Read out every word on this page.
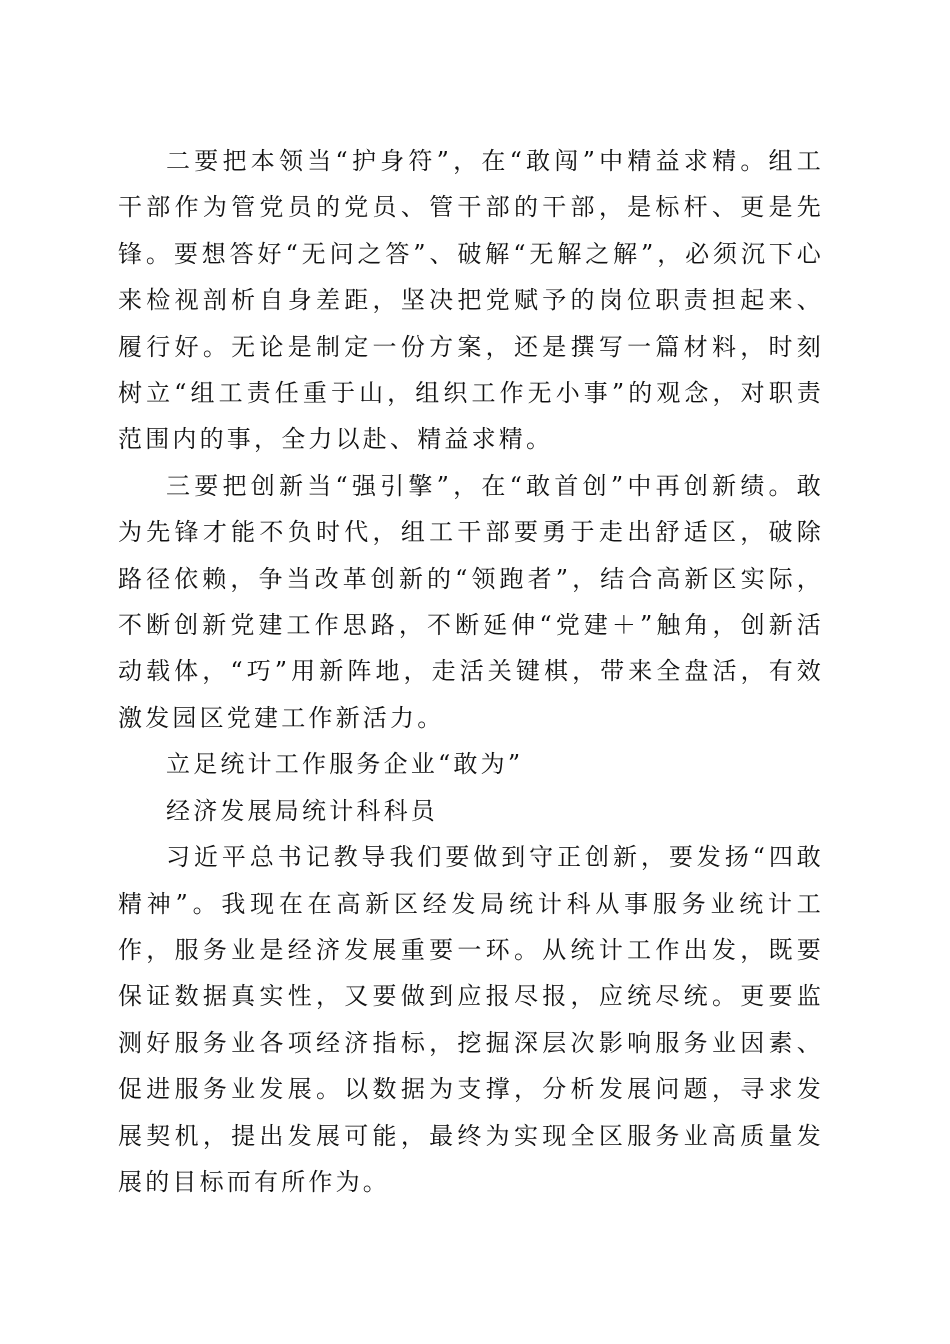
二要把本领当“护身符”，在“敢闯”中精益求精。组工干部作为管党员的党员、管干部的干部，是标杆、更是先锋。要想答好“无问之答”、破解“无解之解”，必须沉下心来检视剖析自身差距，坚决把党赋予的岗位职责担起来、履行好。无论是制定一份方案，还是撰写一篇材料，时刻树立“组工责任重于山，组织工作无小事”的观念，对职责范围内的事，全力以赴、精益求精。

三要把创新当“强引擎”，在“敢首创”中再创新绩。敢为先锋才能不负时代，组工干部要勇于走出舒适区，破除路径依赖，争当改革创新的“领跑者”，结合高新区实际，不断创新党建工作思路，不断延伸“党建＋”触角，创新活动载体，“巧”用新阵地，走活关键棋，带来全盘活，有效激发园区党建工作新活力。

立足统计工作服务企业“敢为”

经济发展局统计科科员

习近平总书记教导我们要做到守正创新，要发扬“四敢精神”。我现在在高新区经发局统计科从事服务业统计工作，服务业是经济发展重要一环。从统计工作出发，既要保证数据真实性，又要做到应报尽报，应统尽统。更要监测好服务业各项经济指标，挖掘深层次影响服务业因素、促进服务业发展。以数据为支撑，分析发展问题，寻求发展契机，提出发展可能，最终为实现全区服务业高质量发展的目标而有所作为。
